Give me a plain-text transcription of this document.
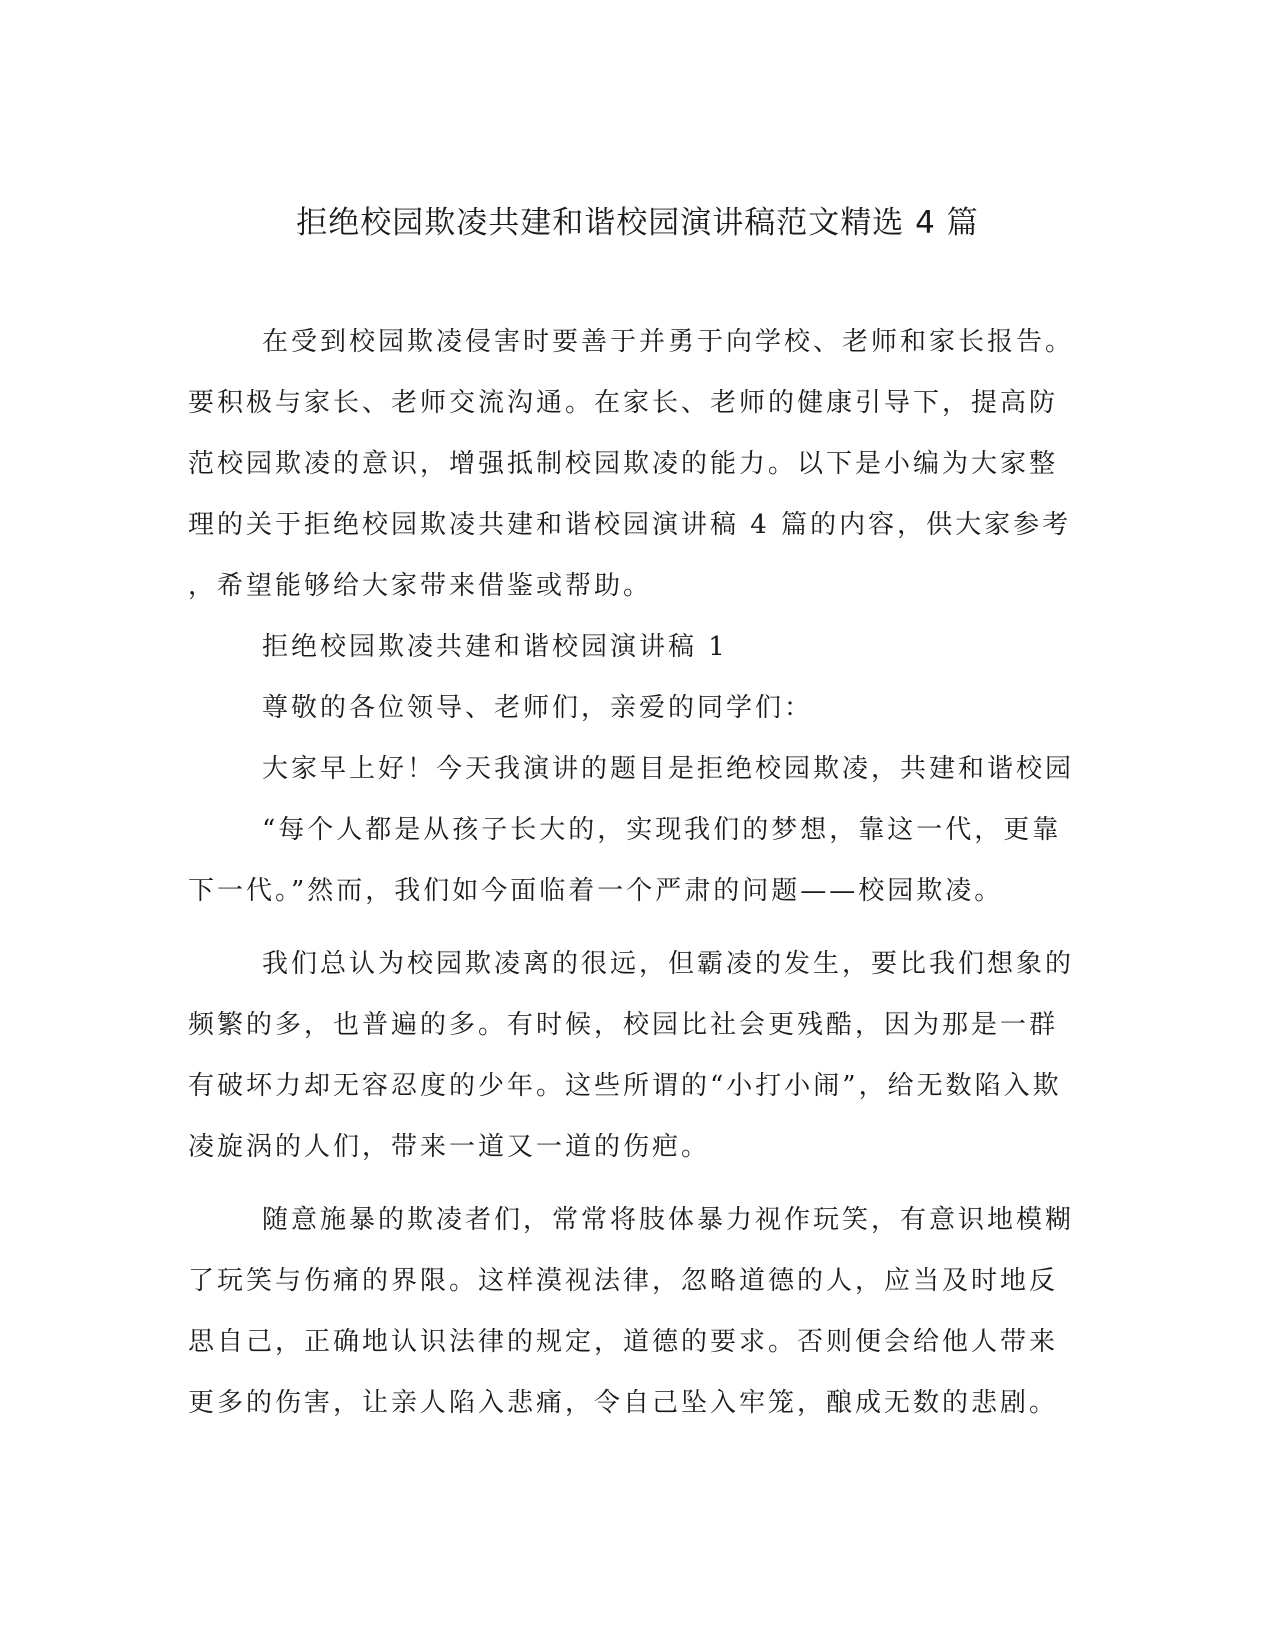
拒绝校园欺凌共建和谐校园演讲稿范文精选 4 篇
在受到校园欺凌侵害时要善于并勇于向学校、老师和家长报告。
要积极与家长、老师交流沟通。在家长、老师的健康引导下，提高防
范校园欺凌的意识，增强抵制校园欺凌的能力。以下是小编为大家整
理的关于拒绝校园欺凌共建和谐校园演讲稿 4 篇的内容，供大家参考
，希望能够给大家带来借鉴或帮助。
拒绝校园欺凌共建和谐校园演讲稿 1
尊敬的各位领导、老师们，亲爱的同学们：
大家早上好！今天我演讲的题目是拒绝校园欺凌，共建和谐校园
“每个人都是从孩子长大的，实现我们的梦想，靠这一代，更靠
下一代。”然而，我们如今面临着一个严肃的问题——校园欺凌。
我们总认为校园欺凌离的很远，但霸凌的发生，要比我们想象的
频繁的多，也普遍的多。有时候，校园比社会更残酷，因为那是一群
有破坏力却无容忍度的少年。这些所谓的“小打小闹”，给无数陷入欺
凌旋涡的人们，带来一道又一道的伤疤。
随意施暴的欺凌者们，常常将肢体暴力视作玩笑，有意识地模糊
了玩笑与伤痛的界限。这样漠视法律，忽略道德的人，应当及时地反
思自己，正确地认识法律的规定，道德的要求。否则便会给他人带来
更多的伤害，让亲人陷入悲痛，令自己坠入牢笼，酿成无数的悲剧。
